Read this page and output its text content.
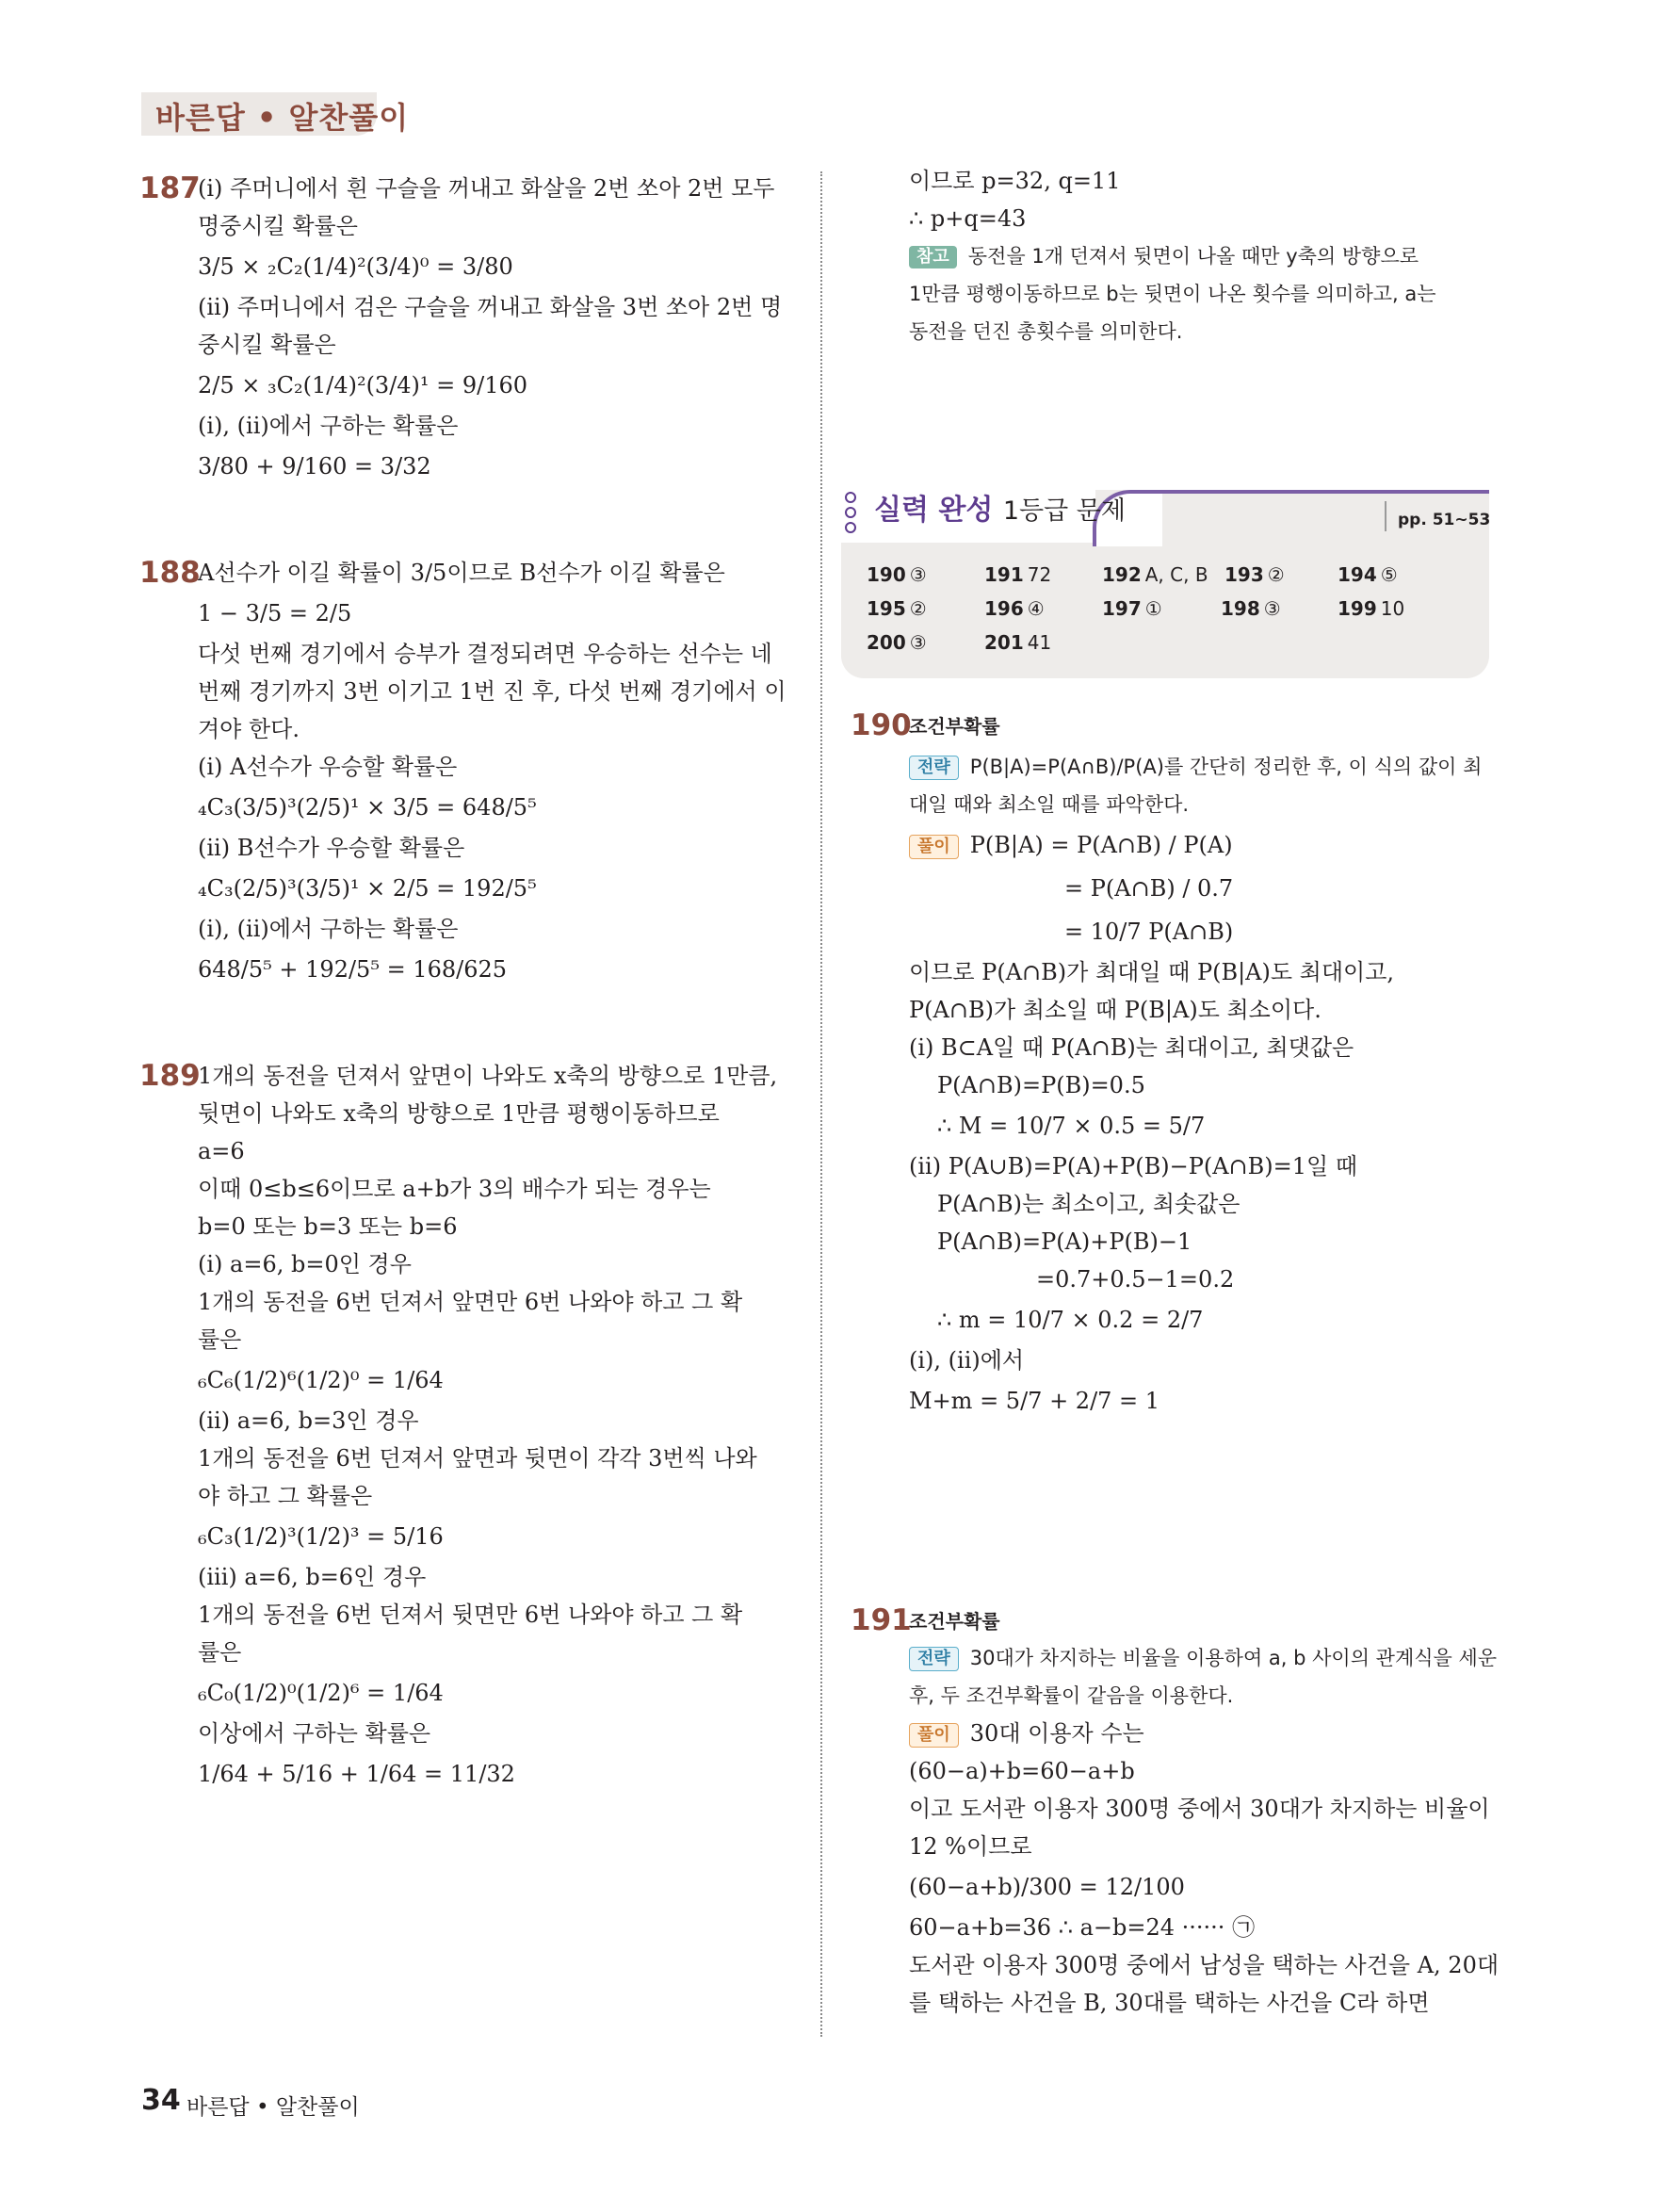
바른답 • 알찬풀이
187
(i) 주머니에서 흰 구슬을 꺼내고 화살을 2번 쏘아 2번 모두
명중시킬 확률은
3/5 × ₂C₂(1/4)²(3/4)⁰ = 3/80
(ii) 주머니에서 검은 구슬을 꺼내고 화살을 3번 쏘아 2번 명
중시킬 확률은
2/5 × ₃C₂(1/4)²(3/4)¹ = 9/160
(i), (ii)에서 구하는 확률은
3/80 + 9/160 = 3/32
188
A선수가 이길 확률이 3/5이므로 B선수가 이길 확률은
1 − 3/5 = 2/5
다섯 번째 경기에서 승부가 결정되려면 우승하는 선수는 네
번째 경기까지 3번 이기고 1번 진 후, 다섯 번째 경기에서 이
겨야 한다.
(i) A선수가 우승할 확률은
₄C₃(3/5)³(2/5)¹ × 3/5 = 648/5⁵
(ii) B선수가 우승할 확률은
₄C₃(2/5)³(3/5)¹ × 2/5 = 192/5⁵
(i), (ii)에서 구하는 확률은
648/5⁵ + 192/5⁵ = 168/625
189
1개의 동전을 던져서 앞면이 나와도 x축의 방향으로 1만큼,
뒷면이 나와도 x축의 방향으로 1만큼 평행이동하므로
a=6
이때 0≤b≤6이므로 a+b가 3의 배수가 되는 경우는
b=0 또는 b=3 또는 b=6
(i) a=6, b=0인 경우
1개의 동전을 6번 던져서 앞면만 6번 나와야 하고 그 확
률은
₆C₆(1/2)⁶(1/2)⁰ = 1/64
(ii) a=6, b=3인 경우
1개의 동전을 6번 던져서 앞면과 뒷면이 각각 3번씩 나와
야 하고 그 확률은
₆C₃(1/2)³(1/2)³ = 5/16
(iii) a=6, b=6인 경우
1개의 동전을 6번 던져서 뒷면만 6번 나와야 하고 그 확
률은
₆C₀(1/2)⁰(1/2)⁶ = 1/64
이상에서 구하는 확률은
1/64 + 5/16 + 1/64 = 11/32
이므로 p=32, q=11
∴ p+q=43
참고 동전을 1개 던져서 뒷면이 나올 때만 y축의 방향으로
1만큼 평행이동하므로 b는 뒷면이 나온 횟수를 의미하고, a는
동전을 던진 총횟수를 의미한다.
실력 완성 1등급 문제	pp. 51~53
190 ③	191 72	192 A, C, B 193 ②	194 ⑤
195 ②	196 ④	197 ①	198 ③	199 10
200 ③	201 41
190
조건부확률
전략 P(B|A)=P(A∩B)/P(A)를 간단히 정리한 후, 이 식의 값이 최
대일 때와 최소일 때를 파악한다.
풀이 P(B|A) = P(A∩B) / P(A)
= P(A∩B) / 0.7
= 10/7 P(A∩B)
이므로 P(A∩B)가 최대일 때 P(B|A)도 최대이고,
P(A∩B)가 최소일 때 P(B|A)도 최소이다.
(i) B⊂A일 때 P(A∩B)는 최대이고, 최댓값은
P(A∩B)=P(B)=0.5
∴ M = 10/7 × 0.5 = 5/7
(ii) P(A∪B)=P(A)+P(B)−P(A∩B)=1일 때
P(A∩B)는 최소이고, 최솟값은
P(A∩B)=P(A)+P(B)−1
=0.7+0.5−1=0.2
∴ m = 10/7 × 0.2 = 2/7
(i), (ii)에서
M+m = 5/7 + 2/7 = 1
191
조건부확률
전략 30대가 차지하는 비율을 이용하여 a, b 사이의 관계식을 세운
후, 두 조건부확률이 같음을 이용한다.
풀이 30대 이용자 수는
(60−a)+b=60−a+b
이고 도서관 이용자 300명 중에서 30대가 차지하는 비율이
12 %이므로
(60−a+b)/300 = 12/100
60−a+b=36 ∴ a−b=24 ······ ㉠
도서관 이용자 300명 중에서 남성을 택하는 사건을 A, 20대
를 택하는 사건을 B, 30대를 택하는 사건을 C라 하면
34 바른답 • 알찬풀이
